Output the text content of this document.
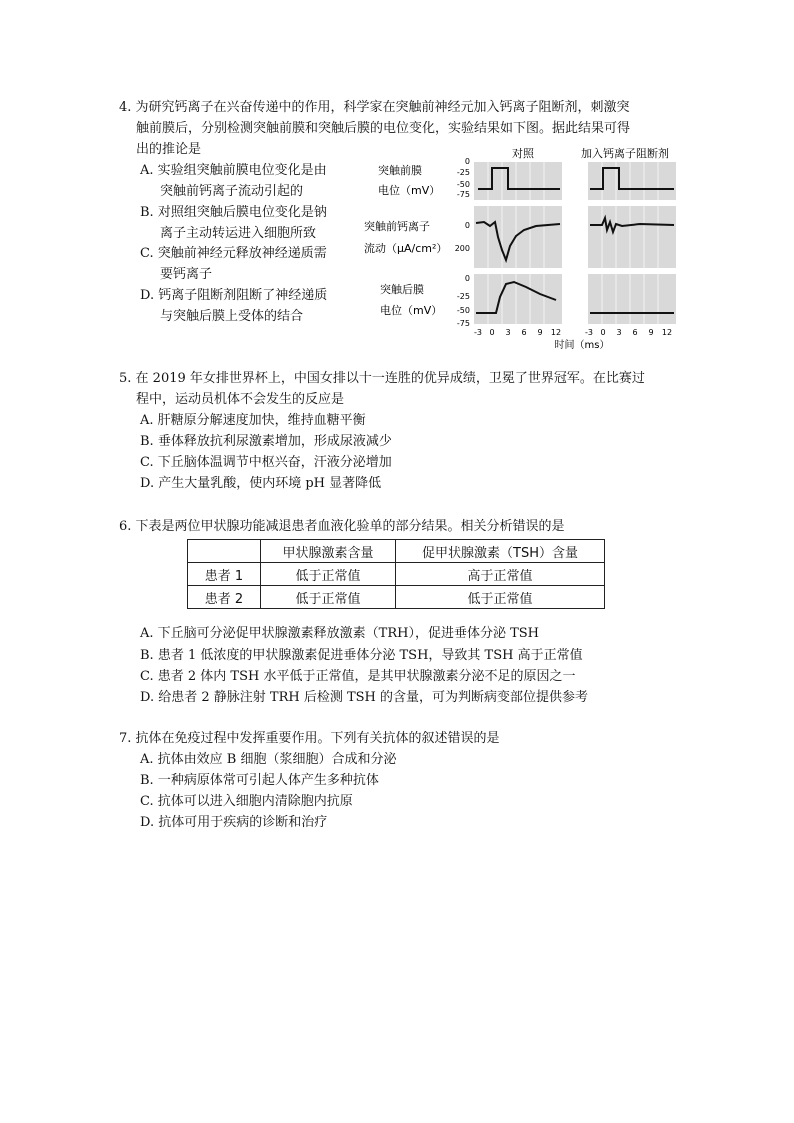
4. 为研究钙离子在兴奋传递中的作用，科学家在突触前神经元加入钙离子阻断剂，刺激突
触前膜后，分别检测突触前膜和突触后膜的电位变化，实验结果如下图。据此结果可得
出的推论是
A. 实验组突触前膜电位变化是由
突触前钙离子流动引起的
B. 对照组突触后膜电位变化是钠
离子主动转运进入细胞所致
C. 突触前神经元释放神经递质需
要钙离子
D. 钙离子阻断剂阻断了神经递质
与突触后膜上受体的结合
对照	加入钙离子阻断剂
突触前膜
电位（mV）
突触前钙离子
流动（μA/cm²）
突触后膜
电位（mV）
0
-25
-50
-75
0
200
0
-25
-50
-75
-3 0 3 6 9 12	-3 0 3 6 9 12
时间（ms）
5. 在 2019 年女排世界杯上，中国女排以十一连胜的优异成绩，卫冕了世界冠军。在比赛过
程中，运动员机体不会发生的反应是
A. 肝糖原分解速度加快，维持血糖平衡
B. 垂体释放抗利尿激素增加，形成尿液减少
C. 下丘脑体温调节中枢兴奋，汗液分泌增加
D. 产生大量乳酸，使内环境 pH 显著降低
6. 下表是两位甲状腺功能减退患者血液化验单的部分结果。相关分析错误的是
	甲状腺激素含量	促甲状腺激素（TSH）含量
患者 1	低于正常值	高于正常值
患者 2	低于正常值	低于正常值
A. 下丘脑可分泌促甲状腺激素释放激素（TRH），促进垂体分泌 TSH
B. 患者 1 低浓度的甲状腺激素促进垂体分泌 TSH，导致其 TSH 高于正常值
C. 患者 2 体内 TSH 水平低于正常值，是其甲状腺激素分泌不足的原因之一
D. 给患者 2 静脉注射 TRH 后检测 TSH 的含量，可为判断病变部位提供参考
7. 抗体在免疫过程中发挥重要作用。下列有关抗体的叙述错误的是
A. 抗体由效应 B 细胞（浆细胞）合成和分泌
B. 一种病原体常可引起人体产生多种抗体
C. 抗体可以进入细胞内清除胞内抗原
D. 抗体可用于疾病的诊断和治疗
